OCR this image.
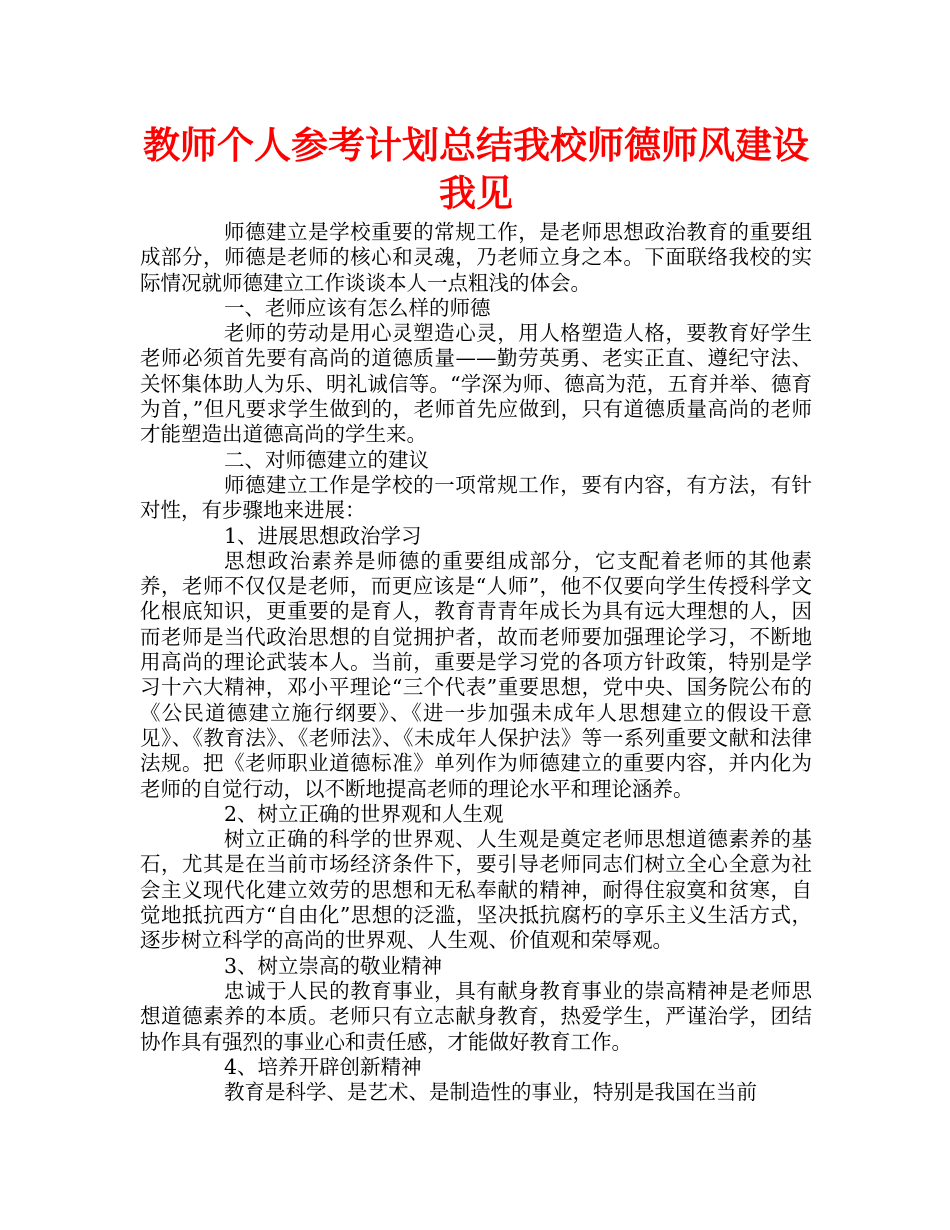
教师个人参考计划总结我校师德师风建设
我见

师德建立是学校重要的常规工作，是老师思想政治教育的重要组成部分，师德是老师的核心和灵魂，乃老师立身之本。下面联络我校的实际情况就师德建立工作谈谈本人一点粗浅的体会。

一、老师应该有怎么样的师德

老师的劳动是用心灵塑造心灵，用人格塑造人格，要教育好学生老师必须首先要有高尚的道德质量——勤劳英勇、老实正直、遵纪守法、关怀集体助人为乐、明礼诚信等。“学深为师、德高为范，五育并举、德育为首，”但凡要求学生做到的，老师首先应做到，只有道德质量高尚的老师才能塑造出道德高尚的学生来。

二、对师德建立的建议

师德建立工作是学校的一项常规工作，要有内容，有方法，有针对性，有步骤地来进展：

1、进展思想政治学习

思想政治素养是师德的重要组成部分，它支配着老师的其他素养，老师不仅仅是老师，而更应该是“人师”，他不仅要向学生传授科学文化根底知识，更重要的是育人，教育青青年成长为具有远大理想的人，因而老师是当代政治思想的自觉拥护者，故而老师要加强理论学习，不断地用高尚的理论武装本人。当前，重要是学习党的各项方针政策，特别是学习十六大精神，邓小平理论“三个代表”重要思想，党中央、国务院公布的《公民道德建立施行纲要》、《进一步加强未成年人思想建立的假设干意见》、《教育法》、《老师法》、《未成年人保护法》等一系列重要文献和法律法规。把《老师职业道德标准》单列作为师德建立的重要内容，并内化为老师的自觉行动，以不断地提高老师的理论水平和理论涵养。

2、树立正确的世界观和人生观

树立正确的科学的世界观、人生观是奠定老师思想道德素养的基石，尤其是在当前市场经济条件下，要引导老师同志们树立全心全意为社会主义现代化建立效劳的思想和无私奉献的精神，耐得住寂寞和贫寒，自觉地抵抗西方“自由化”思想的泛滥，坚决抵抗腐朽的享乐主义生活方式，逐步树立科学的高尚的世界观、人生观、价值观和荣辱观。

3、树立崇高的敬业精神

忠诚于人民的教育事业，具有献身教育事业的崇高精神是老师思想道德素养的本质。老师只有立志献身教育，热爱学生，严谨治学，团结协作具有强烈的事业心和责任感，才能做好教育工作。

4、培养开辟创新精神

教育是科学、是艺术、是制造性的事业，特别是我国在当前
